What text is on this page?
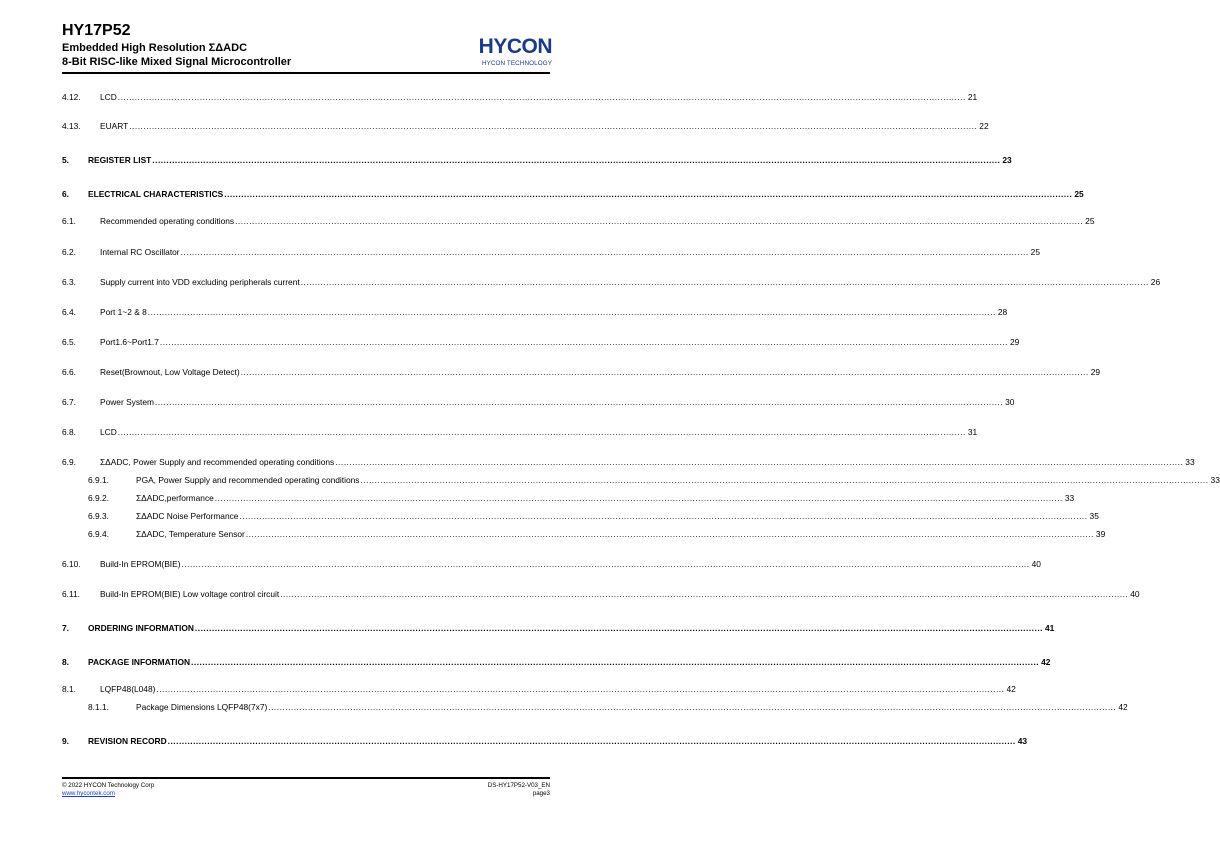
HY17P52
Embedded High Resolution ΣΔADC
8-Bit RISC-like Mixed Signal Microcontroller
HYCON
HYCON TECHNOLOGY
4.12. LCD ............................................................................................................................................................................................................................................................................................................ 21
4.13. EUART ............................................................................................................................................................................................................................................................................................................ 22
5. REGISTER LIST ............................................................................................................................................................................................................................................................................................................ 23
6. ELECTRICAL CHARACTERISTICS ............................................................................................................................................................................................................................................................................................................ 25
6.1.	Recommended operating conditions ............................................................................................................................................................................................................................................................................................................ 25
6.2.	Internal RC Oscillator ............................................................................................................................................................................................................................................................................................................ 25
6.3.	Supply current into VDD excluding peripherals current ............................................................................................................................................................................................................................................................................................................ 26
6.4.	Port 1~2 & 8 ............................................................................................................................................................................................................................................................................................................ 28
6.5.	Port1.6~Port1.7 ............................................................................................................................................................................................................................................................................................................ 29
6.6.	Reset(Brownout, Low Voltage Detect) ............................................................................................................................................................................................................................................................................................................ 29
6.7.	Power System ............................................................................................................................................................................................................................................................................................................ 30
6.8.	LCD ............................................................................................................................................................................................................................................................................................................ 31
6.9.	ΣΔADC, Power Supply and recommended operating conditions ............................................................................................................................................................................................................................................................................................................ 33
6.9.1.	PGA, Power Supply and recommended operating conditions ............................................................................................................................................................................................................................................................................................................ 33
6.9.2.	ΣΔADC,performance ............................................................................................................................................................................................................................................................................................................ 33
6.9.3.	ΣΔADC Noise Performance ............................................................................................................................................................................................................................................................................................................ 35
6.9.4.	ΣΔADC, Temperature Sensor ............................................................................................................................................................................................................................................................................................................ 39
6.10. Build-In EPROM(BIE) ............................................................................................................................................................................................................................................................................................................ 40
6.11. Build-In EPROM(BIE) Low voltage control circuit ............................................................................................................................................................................................................................................................................................................ 40
7. ORDERING INFORMATION ............................................................................................................................................................................................................................................................................................................ 41
8. PACKAGE INFORMATION ............................................................................................................................................................................................................................................................................................................ 42
8.1.	LQFP48(L048) ............................................................................................................................................................................................................................................................................................................ 42
8.1.1.	Package Dimensions LQFP48(7x7) ............................................................................................................................................................................................................................................................................................................ 42
9. REVISION RECORD ............................................................................................................................................................................................................................................................................................................ 43
© 2022 HYCON Technology Corp
www.hycontek.com
DS-HY17P52-V03_EN
page3
